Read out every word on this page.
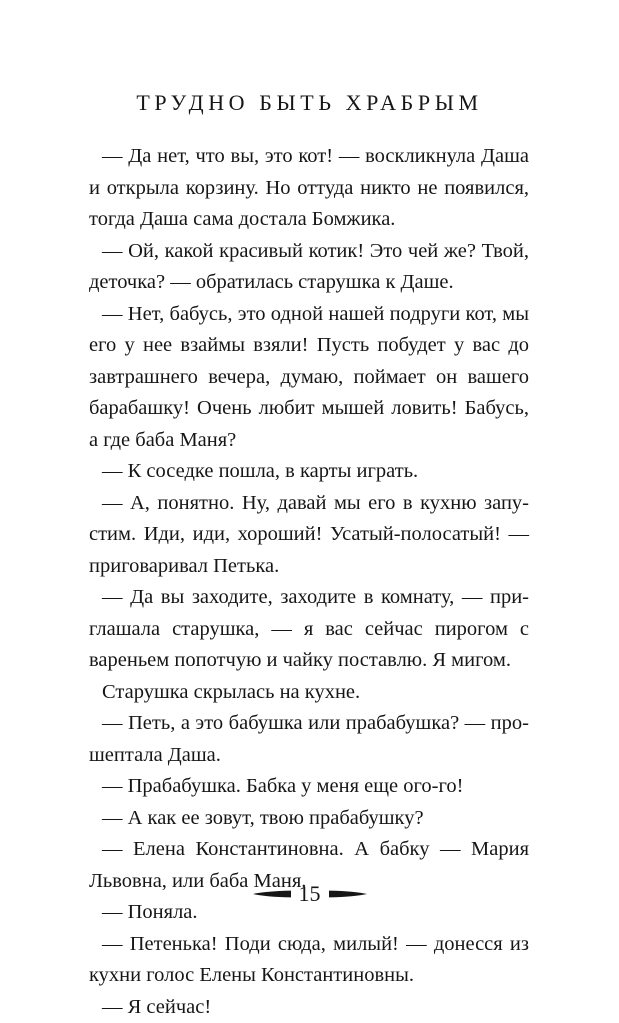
ТРУДНО БЫТЬ ХРАБРЫМ

— Да нет, что вы, это кот! — воскликнула Даша и открыла корзину. Но оттуда никто не появился, тогда Даша сама достала Бомжика.

— Ой, какой красивый котик! Это чей же? Твой, деточка? — обратилась старушка к Даше.

— Нет, бабусь, это одной нашей подруги кот, мы его у нее взаймы взяли! Пусть побудет у вас до завтрашнего вечера, думаю, поймает он вашего барабашку! Очень любит мышей ловить! Бабусь, а где баба Маня?

— К соседке пошла, в карты играть.

— А, понятно. Ну, давай мы его в кухню запустим. Иди, иди, хороший! Усатый-полосатый! — приговаривал Петька.

— Да вы заходите, заходите в комнату, — приглашала старушка, — я вас сейчас пирогом с вареньем попотчую и чайку поставлю. Я мигом.

Старушка скрылась на кухне.

— Петь, а это бабушка или прабабушка? — прошептала Даша.

— Прабабушка. Бабка у меня еще ого-го!

— А как ее зовут, твою прабабушку?

— Елена Константиновна. А бабку — Мария Львовна, или баба Маня.

— Поняла.

— Петенька! Поди сюда, милый! — донесся из кухни голос Елены Константиновны.

— Я сейчас!

15
